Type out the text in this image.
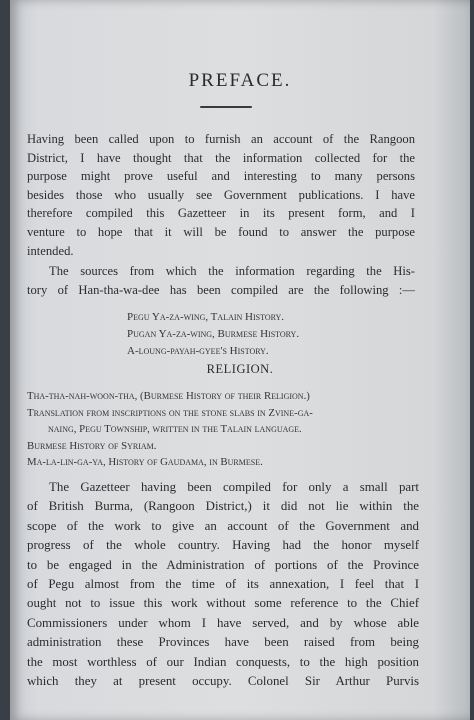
PREFACE.
Having been called upon to furnish an account of the Rangoon
District, I have thought that the information collected for the
purpose might prove useful and interesting to many persons
besides those who usually see Government publications. I have
therefore compiled this Gazetteer in its present form, and I
venture to hope that it will be found to answer the purpose
intended.
The sources from which the information regarding the His-
tory of Han-tha-wa-dee has been compiled are the following :—
Pegu Ya-za-wing, Talain History.
Pugan Ya-za-wing, Burmese History.
A-loung-payah-gyee's History.
RELIGION.
Tha-tha-nah-woon-tha, (Burmese History of their Religion.)
Translation from inscriptions on the stone slabs in Zvine-ga-
naing, Pegu Township, written in the Talain language.
Burmese History of Syriam.
Ma-la-lin-ga-ya, History of Gaudama, in Burmese.
The Gazetteer having been compiled for only a small part
of British Burma, (Rangoon District,) it did not lie within the
scope of the work to give an account of the Government and
progress of the whole country. Having had the honor myself
to be engaged in the Administration of portions of the Province
of Pegu almost from the time of its annexation, I feel that I
ought not to issue this work without some reference to the Chief
Commissioners under whom I have served, and by whose able
administration these Provinces have been raised from being
the most worthless of our Indian conquests, to the high position
which they at present occupy. Colonel Sir Arthur Purvis
